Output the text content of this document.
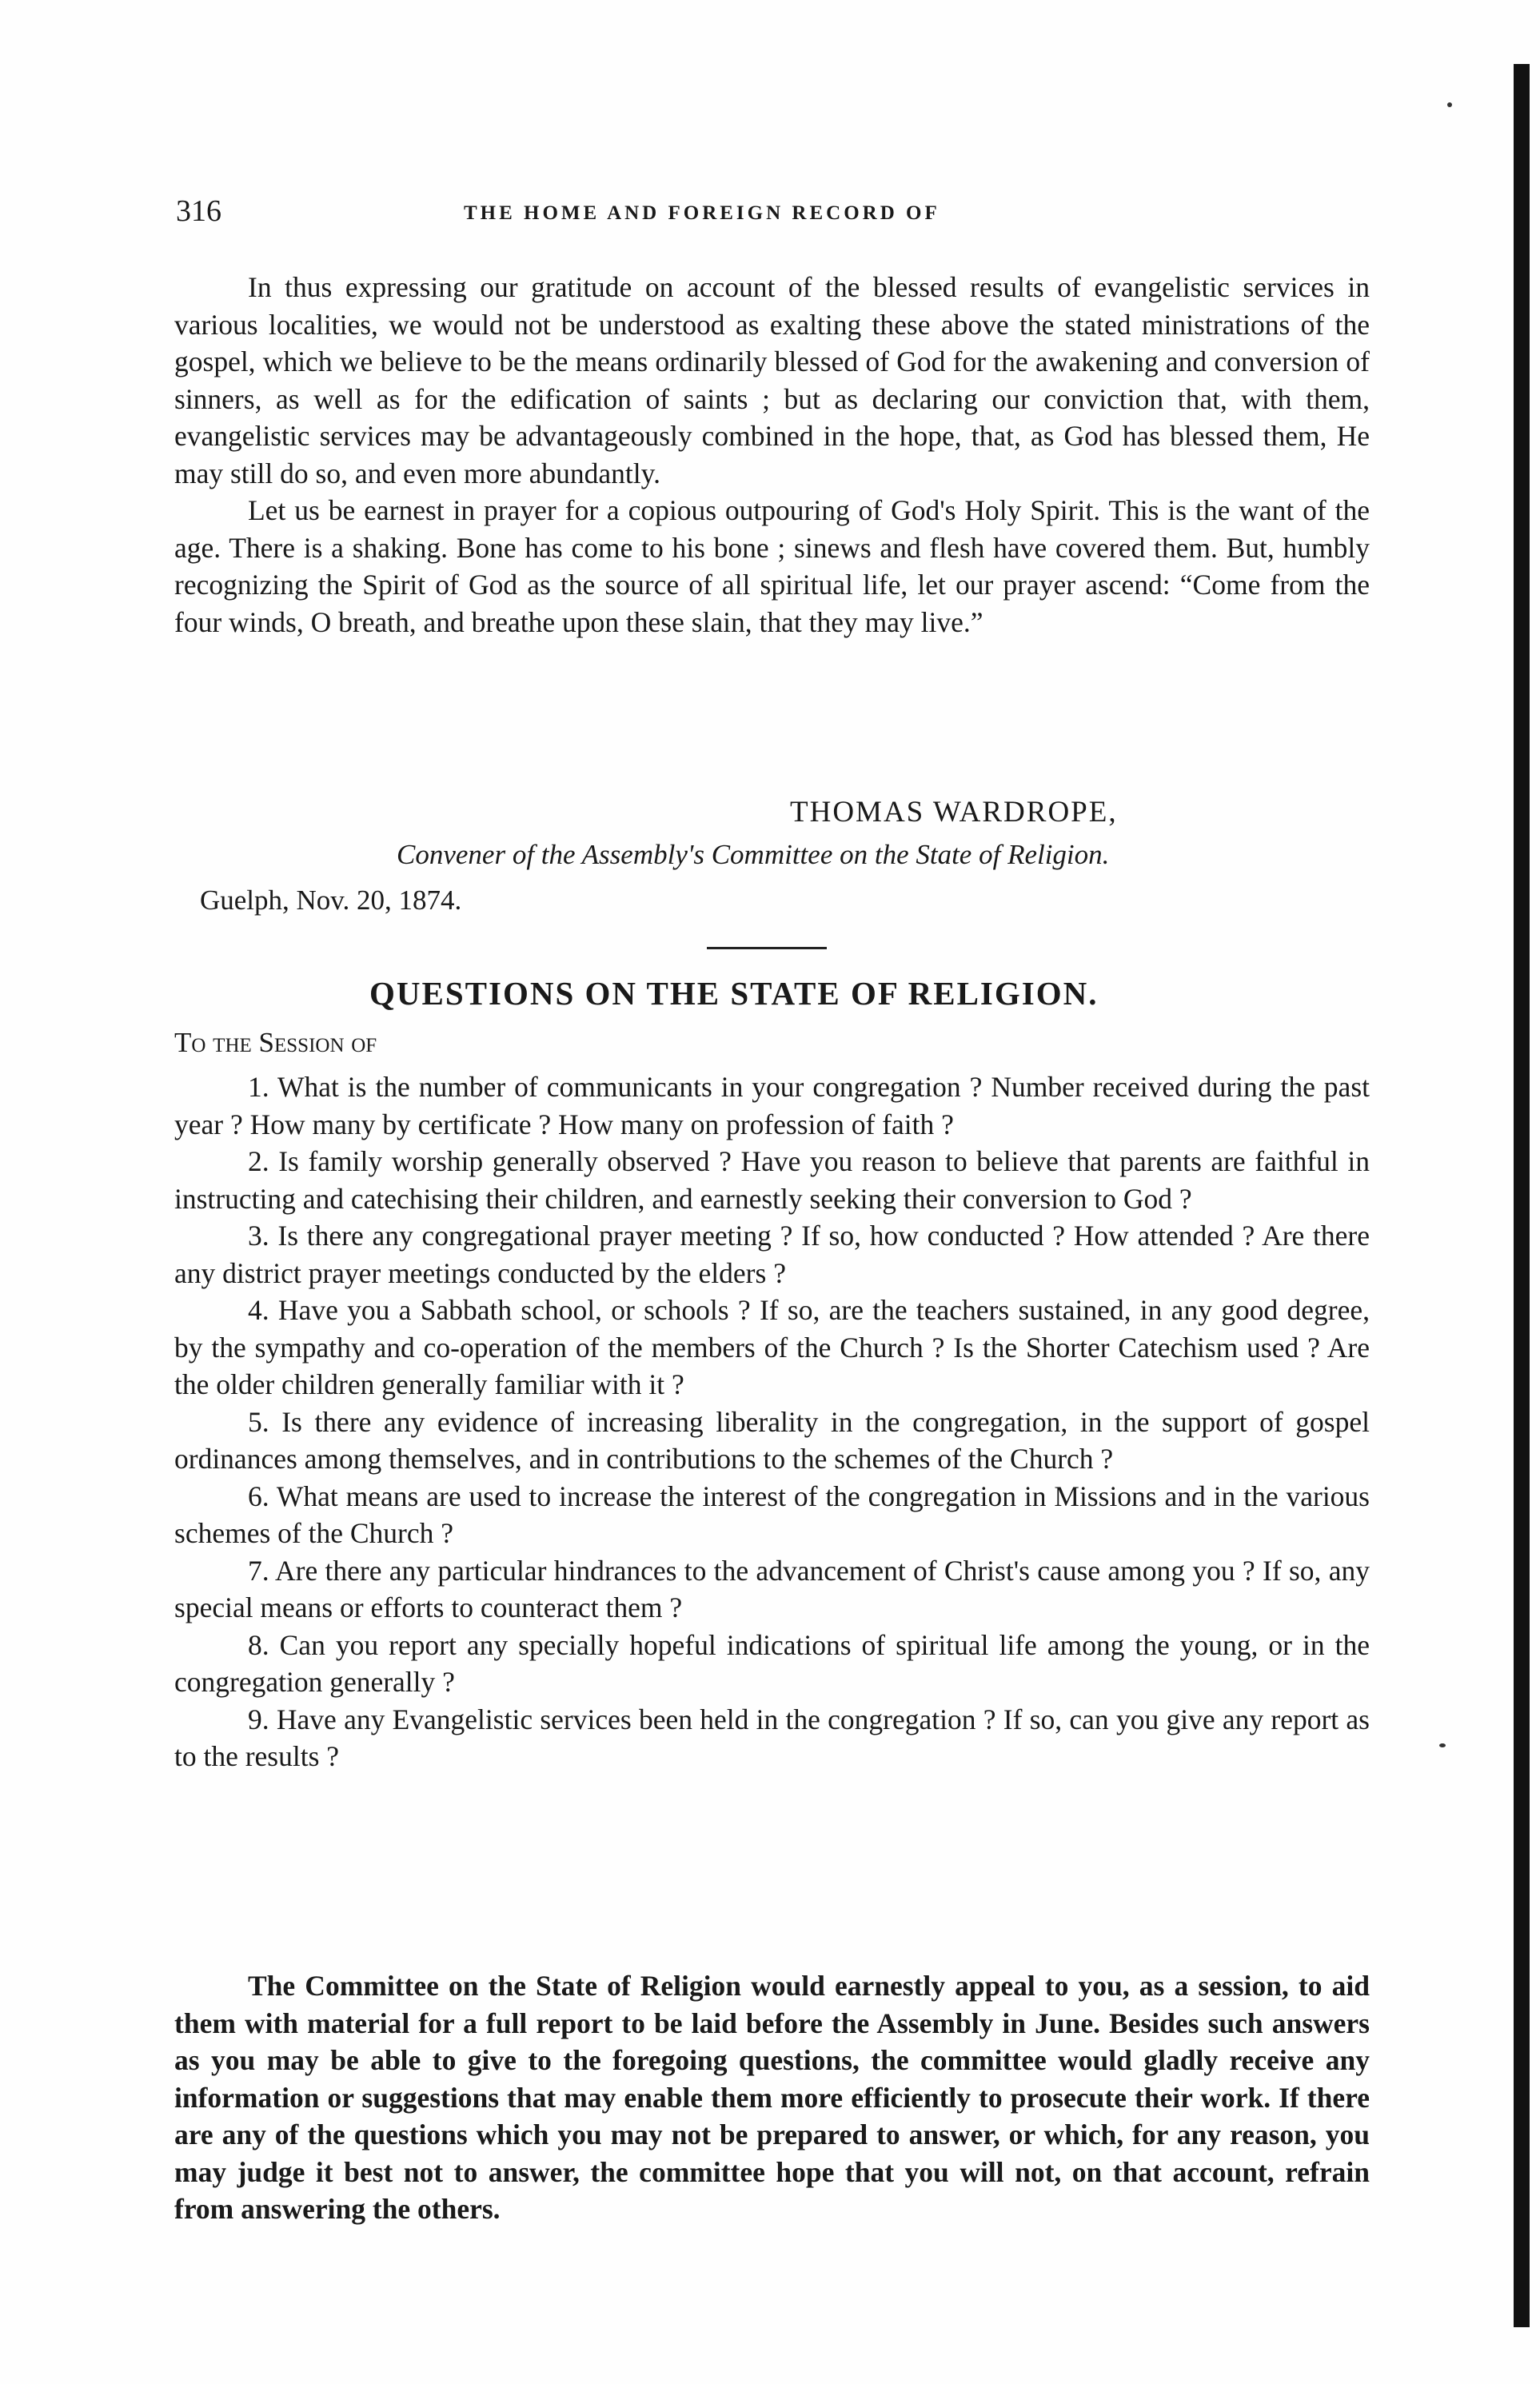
316	THE HOME AND FOREIGN RECORD OF

In thus expressing our gratitude on account of the blessed results of evangelistic services in various localities, we would not be understood as exalting these above the stated ministrations of the gospel, which we believe to be the means ordinarily blessed of God for the awakening and conversion of sinners, as well as for the edification of saints ; but as declaring our conviction that, with them, evangelistic services may be advantageously combined in the hope, that, as God has blessed them, He may still do so, and even more abundantly.

Let us be earnest in prayer for a copious outpouring of God's Holy Spirit. This is the want of the age. There is a shaking. Bone has come to his bone ; sinews and flesh have covered them. But, humbly recognizing the Spirit of God as the source of all spiritual life, let our prayer ascend: “Come from the four winds, O breath, and breathe upon these slain, that they may live.”

THOMAS WARDROPE,
Convener of the Assembly's Committee on the State of Religion.
Guelph, Nov. 20, 1874.
QUESTIONS ON THE STATE OF RELIGION.
To the Session of

1. What is the number of communicants in your congregation ? Number received during the past year ? How many by certificate ? How many on profession of faith ?

2. Is family worship generally observed ? Have you reason to believe that parents are faithful in instructing and catechising their children, and earnestly seeking their conversion to God ?

3. Is there any congregational prayer meeting ? If so, how conducted ? How attended ? Are there any district prayer meetings conducted by the elders ?

4. Have you a Sabbath school, or schools ? If so, are the teachers sustained, in any good degree, by the sympathy and co-operation of the members of the Church ? Is the Shorter Catechism used ? Are the older children generally familiar with it ?

5. Is there any evidence of increasing liberality in the congregation, in the support of gospel ordinances among themselves, and in contributions to the schemes of the Church ?

6. What means are used to increase the interest of the congregation in Missions and in the various schemes of the Church ?

7. Are there any particular hindrances to the advancement of Christ's cause among you ? If so, any special means or efforts to counteract them ?

8. Can you report any specially hopeful indications of spiritual life among the young, or in the congregation generally ?

9. Have any Evangelistic services been held in the congregation ? If so, can you give any report as to the results ?

The Committee on the State of Religion would earnestly appeal to you, as a session, to aid them with material for a full report to be laid before the Assembly in June. Besides such answers as you may be able to give to the foregoing questions, the committee would gladly receive any information or suggestions that may enable them more efficiently to prosecute their work. If there are any of the questions which you may not be prepared to answer, or which, for any reason, you may judge it best not to answer, the committee hope that you will not, on that account, refrain from answering the others.
